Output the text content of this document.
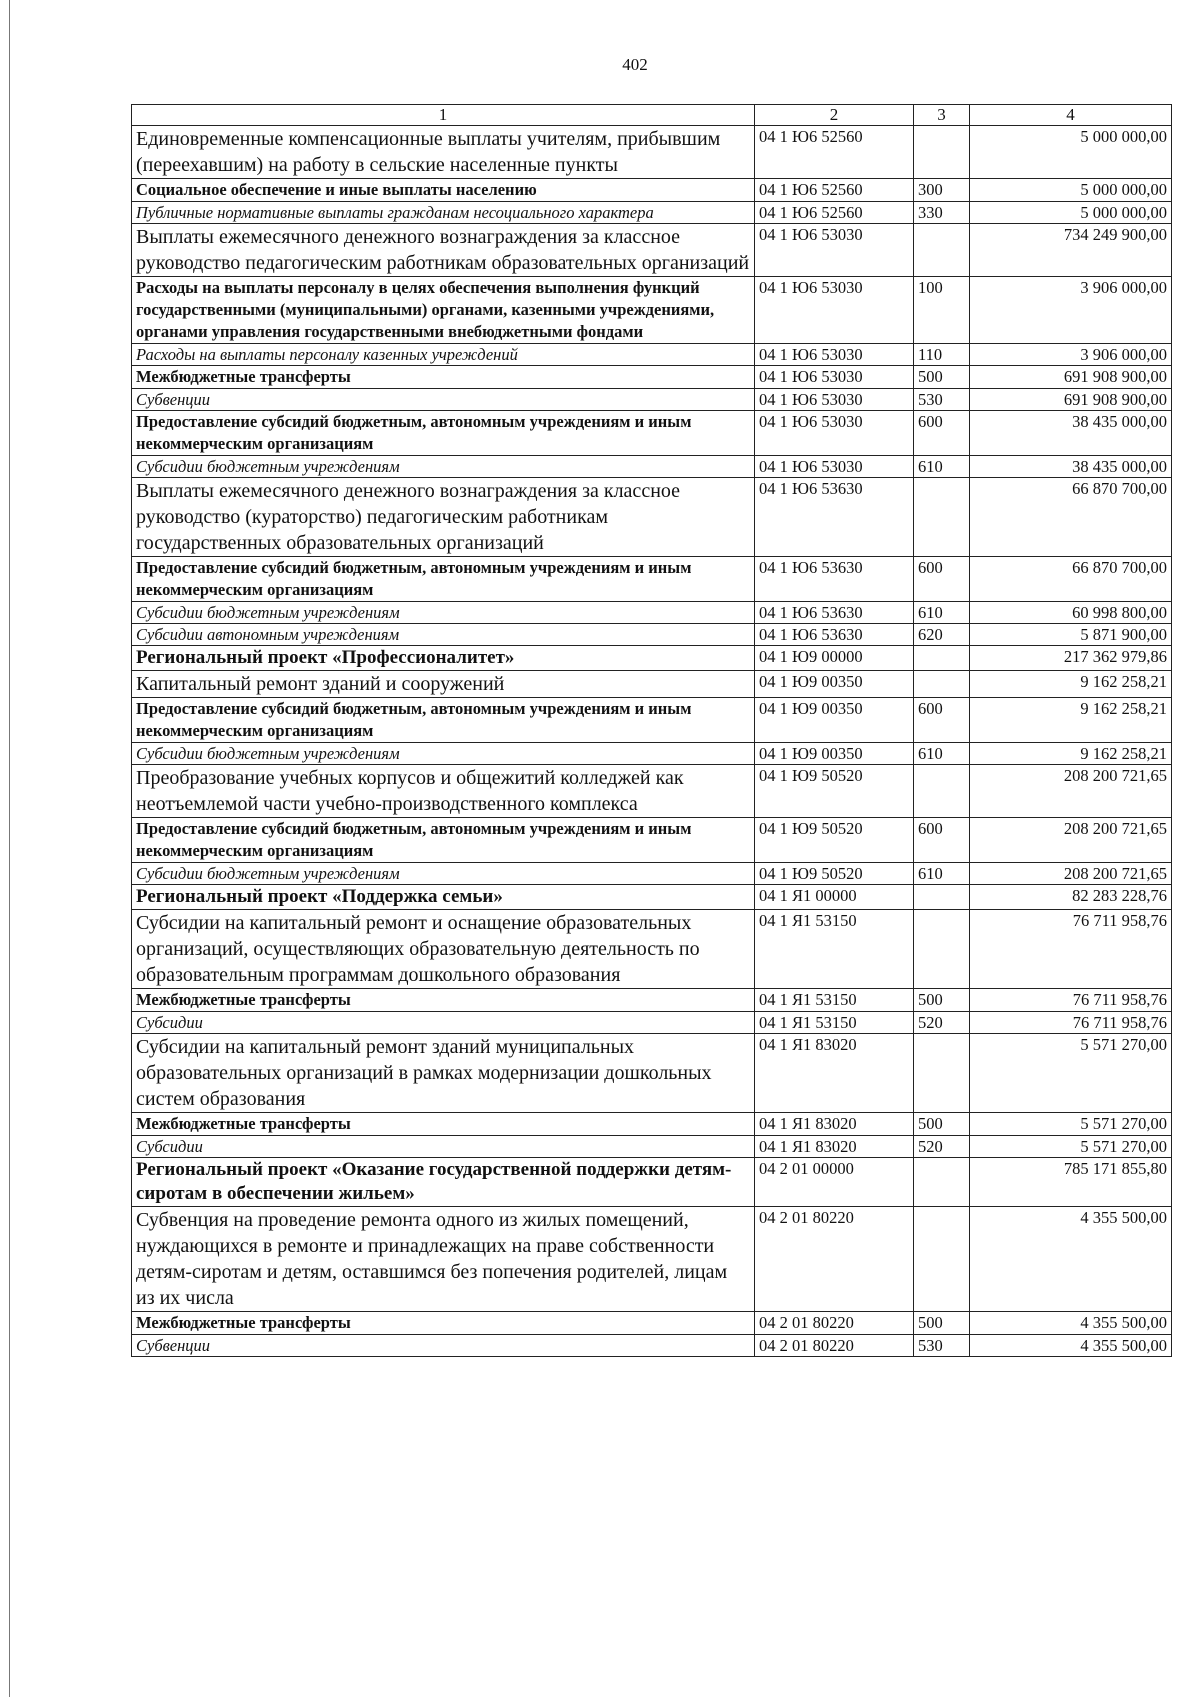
402
1	2	3	4
Единовременные компенсационные выплаты учителям, прибывшим (переехавшим) на работу в сельские населенные пункты	04 1 Ю6 52560		5 000 000,00
Социальное обеспечение и иные выплаты населению	04 1 Ю6 52560	300	5 000 000,00
Публичные нормативные выплаты гражданам несоциального характера	04 1 Ю6 52560	330	5 000 000,00
Выплаты ежемесячного денежного вознаграждения за классное руководство педагогическим работникам образовательных организаций	04 1 Ю6 53030		734 249 900,00
Расходы на выплаты персоналу в целях обеспечения выполнения функций государственными (муниципальными) органами, казенными учреждениями, органами управления государственными внебюджетными фондами	04 1 Ю6 53030	100	3 906 000,00
Расходы на выплаты персоналу казенных учреждений	04 1 Ю6 53030	110	3 906 000,00
Межбюджетные трансферты	04 1 Ю6 53030	500	691 908 900,00
Субвенции	04 1 Ю6 53030	530	691 908 900,00
Предоставление субсидий бюджетным, автономным учреждениям и иным некоммерческим организациям	04 1 Ю6 53030	600	38 435 000,00
Субсидии бюджетным учреждениям	04 1 Ю6 53030	610	38 435 000,00
Выплаты ежемесячного денежного вознаграждения за классное руководство (кураторство) педагогическим работникам государственных образовательных организаций	04 1 Ю6 53630		66 870 700,00
Предоставление субсидий бюджетным, автономным учреждениям и иным некоммерческим организациям	04 1 Ю6 53630	600	66 870 700,00
Субсидии бюджетным учреждениям	04 1 Ю6 53630	610	60 998 800,00
Субсидии автономным учреждениям	04 1 Ю6 53630	620	5 871 900,00
Региональный проект «Профессионалитет»	04 1 Ю9 00000		217 362 979,86
Капитальный ремонт зданий и сооружений	04 1 Ю9 00350		9 162 258,21
Предоставление субсидий бюджетным, автономным учреждениям и иным некоммерческим организациям	04 1 Ю9 00350	600	9 162 258,21
Субсидии бюджетным учреждениям	04 1 Ю9 00350	610	9 162 258,21
Преобразование учебных корпусов и общежитий колледжей как неотъемлемой части учебно-производственного комплекса	04 1 Ю9 50520		208 200 721,65
Предоставление субсидий бюджетным, автономным учреждениям и иным некоммерческим организациям	04 1 Ю9 50520	600	208 200 721,65
Субсидии бюджетным учреждениям	04 1 Ю9 50520	610	208 200 721,65
Региональный проект «Поддержка семьи»	04 1 Я1 00000		82 283 228,76
Субсидии на капитальный ремонт и оснащение образовательных организаций, осуществляющих образовательную деятельность по образовательным программам дошкольного образования	04 1 Я1 53150		76 711 958,76
Межбюджетные трансферты	04 1 Я1 53150	500	76 711 958,76
Субсидии	04 1 Я1 53150	520	76 711 958,76
Субсидии на капитальный ремонт зданий муниципальных образовательных организаций в рамках модернизации дошкольных систем образования	04 1 Я1 83020		5 571 270,00
Межбюджетные трансферты	04 1 Я1 83020	500	5 571 270,00
Субсидии	04 1 Я1 83020	520	5 571 270,00
Региональный проект «Оказание государственной поддержки детям-сиротам в обеспечении жильем»	04 2 01 00000		785 171 855,80
Субвенция на проведение ремонта одного из жилых помещений, нуждающихся в ремонте и принадлежащих на праве собственности детям-сиротам и детям, оставшимся без попечения родителей, лицам из их числа	04 2 01 80220		4 355 500,00
Межбюджетные трансферты	04 2 01 80220	500	4 355 500,00
Субвенции	04 2 01 80220	530	4 355 500,00
